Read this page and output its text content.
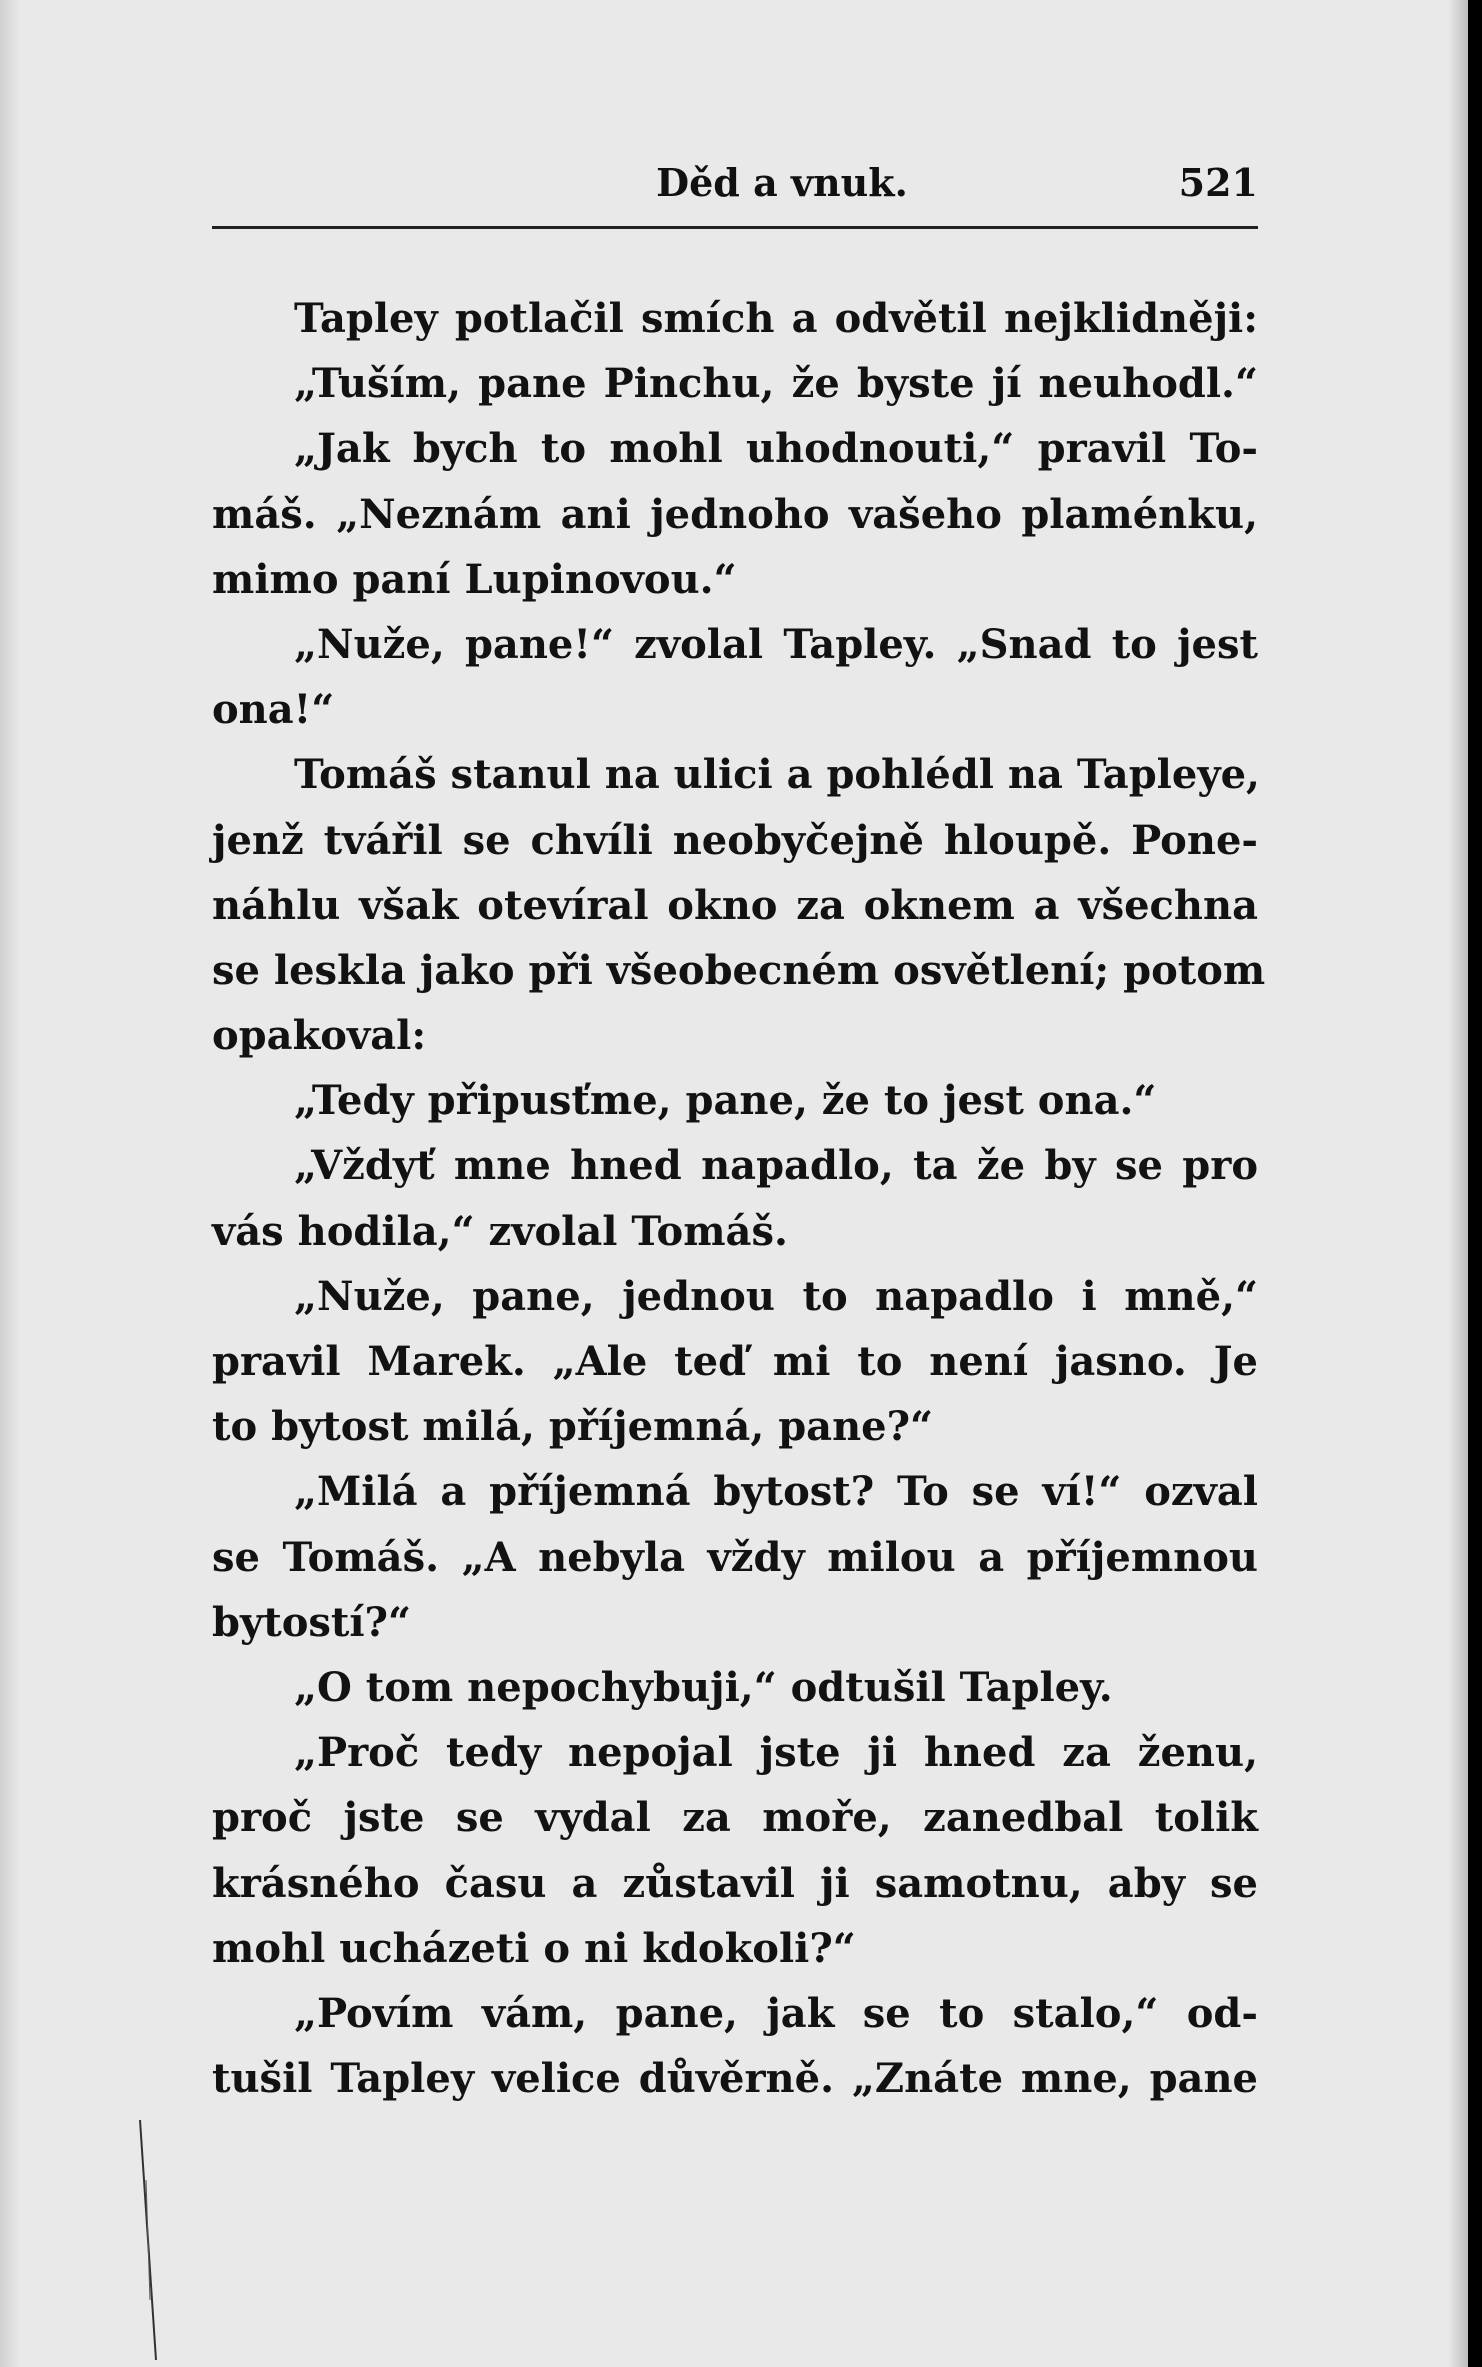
Děd a vnuk.	521
Tapley potlačil smích a odvětil nejklidněji:
„Tuším, pane Pinchu, že byste jí neuhodl.“
„Jak bych to mohl uhodnouti,“ pravil To-
máš. „Neznám ani jednoho vašeho plaménku,
mimo paní Lupinovou.“
„Nuže, pane!“ zvolal Tapley. „Snad to jest
ona!“
Tomáš stanul na ulici a pohlédl na Tapleye,
jenž tvářil se chvíli neobyčejně hloupě. Pone-
náhlu však otevíral okno za oknem a všechna
se leskla jako při všeobecném osvětlení; potom
opakoval:
„Tedy připusťme, pane, že to jest ona.“
„Vždyť mne hned napadlo, ta že by se pro
vás hodila,“ zvolal Tomáš.
„Nuže, pane, jednou to napadlo i mně,“
pravil Marek. „Ale teď mi to není jasno. Je
to bytost milá, příjemná, pane?“
„Milá a příjemná bytost? To se ví!“ ozval
se Tomáš. „A nebyla vždy milou a příjemnou
bytostí?“
„O tom nepochybuji,“ odtušil Tapley.
„Proč tedy nepojal jste ji hned za ženu,
proč jste se vydal za moře, zanedbal tolik
krásného času a zůstavil ji samotnu, aby se
mohl ucházeti o ni kdokoli?“
„Povím vám, pane, jak se to stalo,“ od-
tušil Tapley velice důvěrně. „Znáte mne, pane
